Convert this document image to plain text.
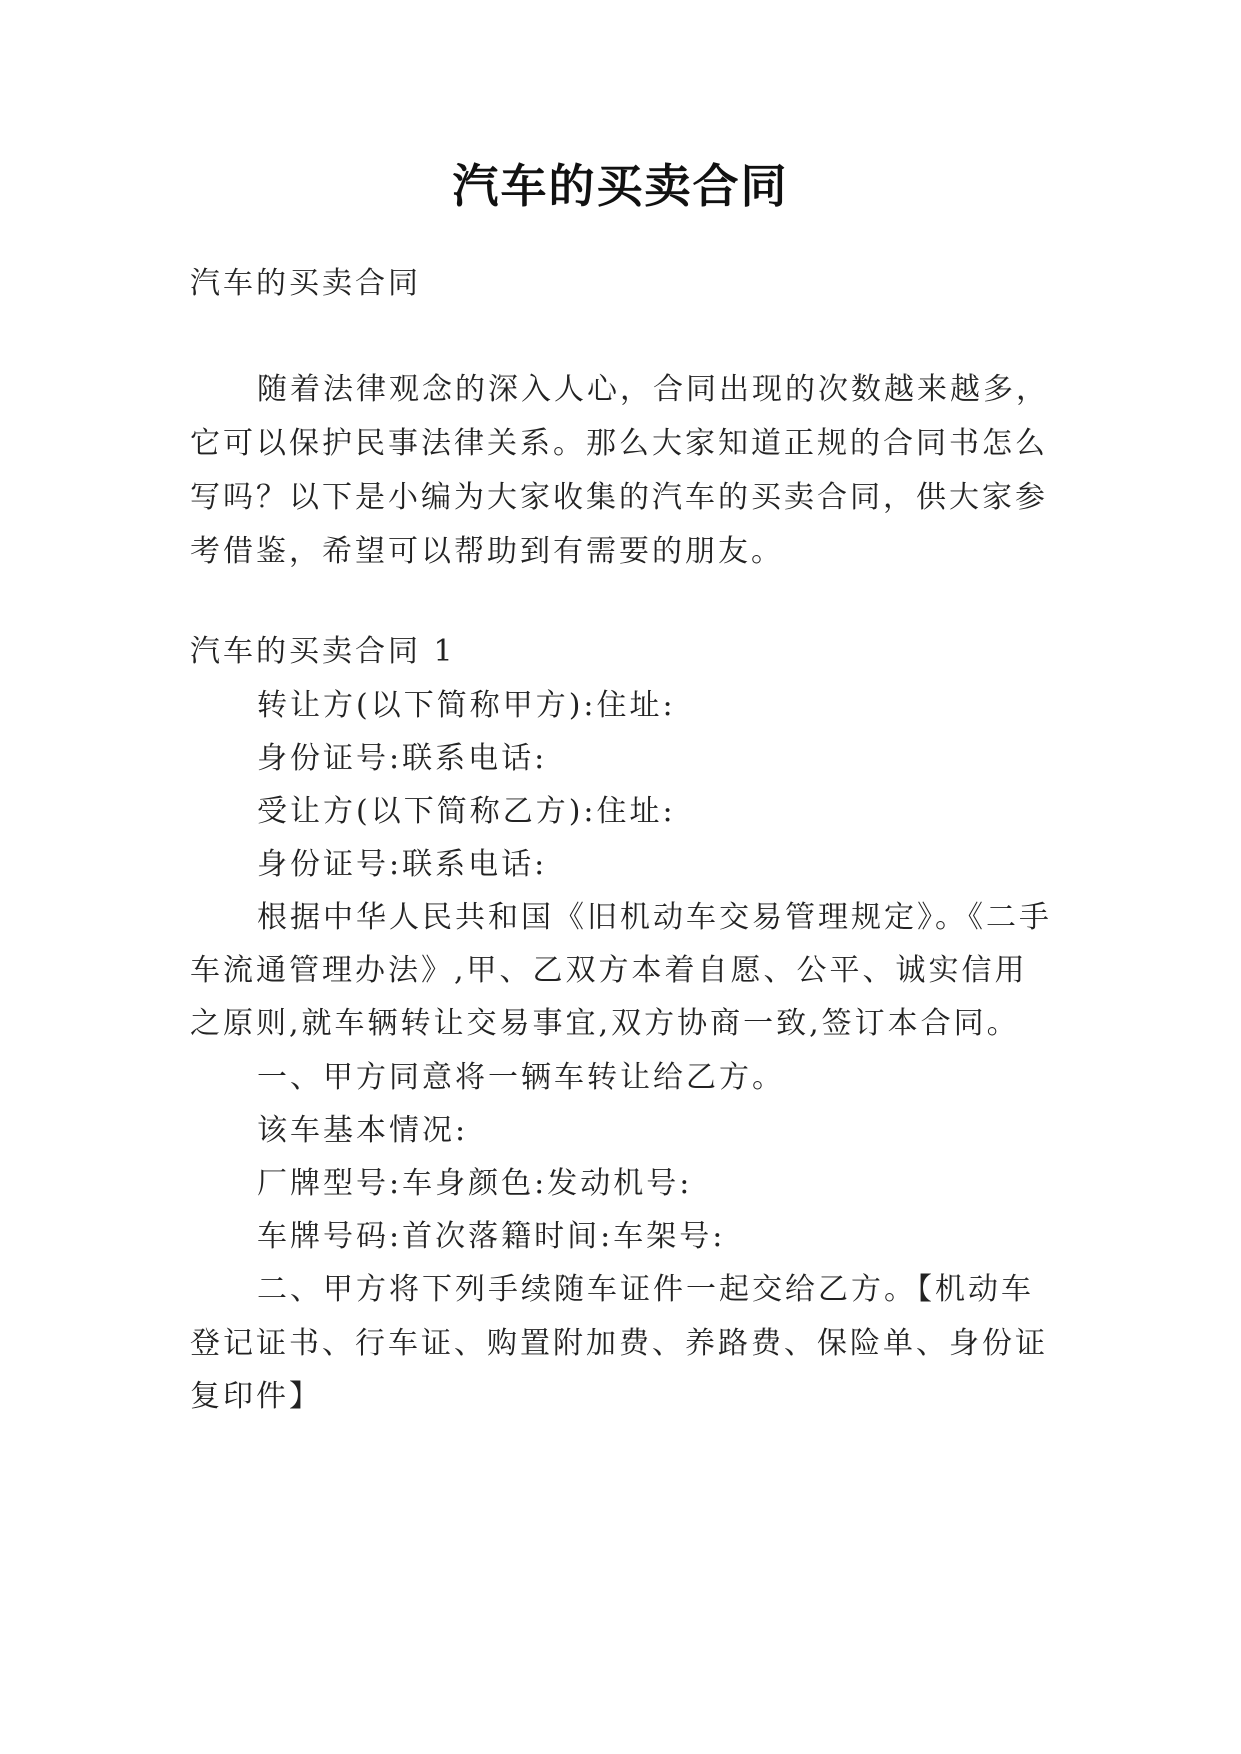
汽车的买卖合同
汽车的买卖合同
随着法律观念的深入人心，合同出现的次数越来越多，
它可以保护民事法律关系。那么大家知道正规的合同书怎么
写吗？以下是小编为大家收集的汽车的买卖合同，供大家参
考借鉴，希望可以帮助到有需要的朋友。
汽车的买卖合同 1
转让方(以下简称甲方):住址:
身份证号:联系电话:
受让方(以下简称乙方):住址:
身份证号:联系电话:
根据中华人民共和国《旧机动车交易管理规定》。《二手
车流通管理办法》,甲、乙双方本着自愿、公平、诚实信用
之原则,就车辆转让交易事宜,双方协商一致,签订本合同。
一、甲方同意将一辆车转让给乙方。
该车基本情况:
厂牌型号:车身颜色:发动机号:
车牌号码:首次落籍时间:车架号:
二、甲方将下列手续随车证件一起交给乙方。【机动车
登记证书、行车证、购置附加费、养路费、保险单、身份证
复印件】
